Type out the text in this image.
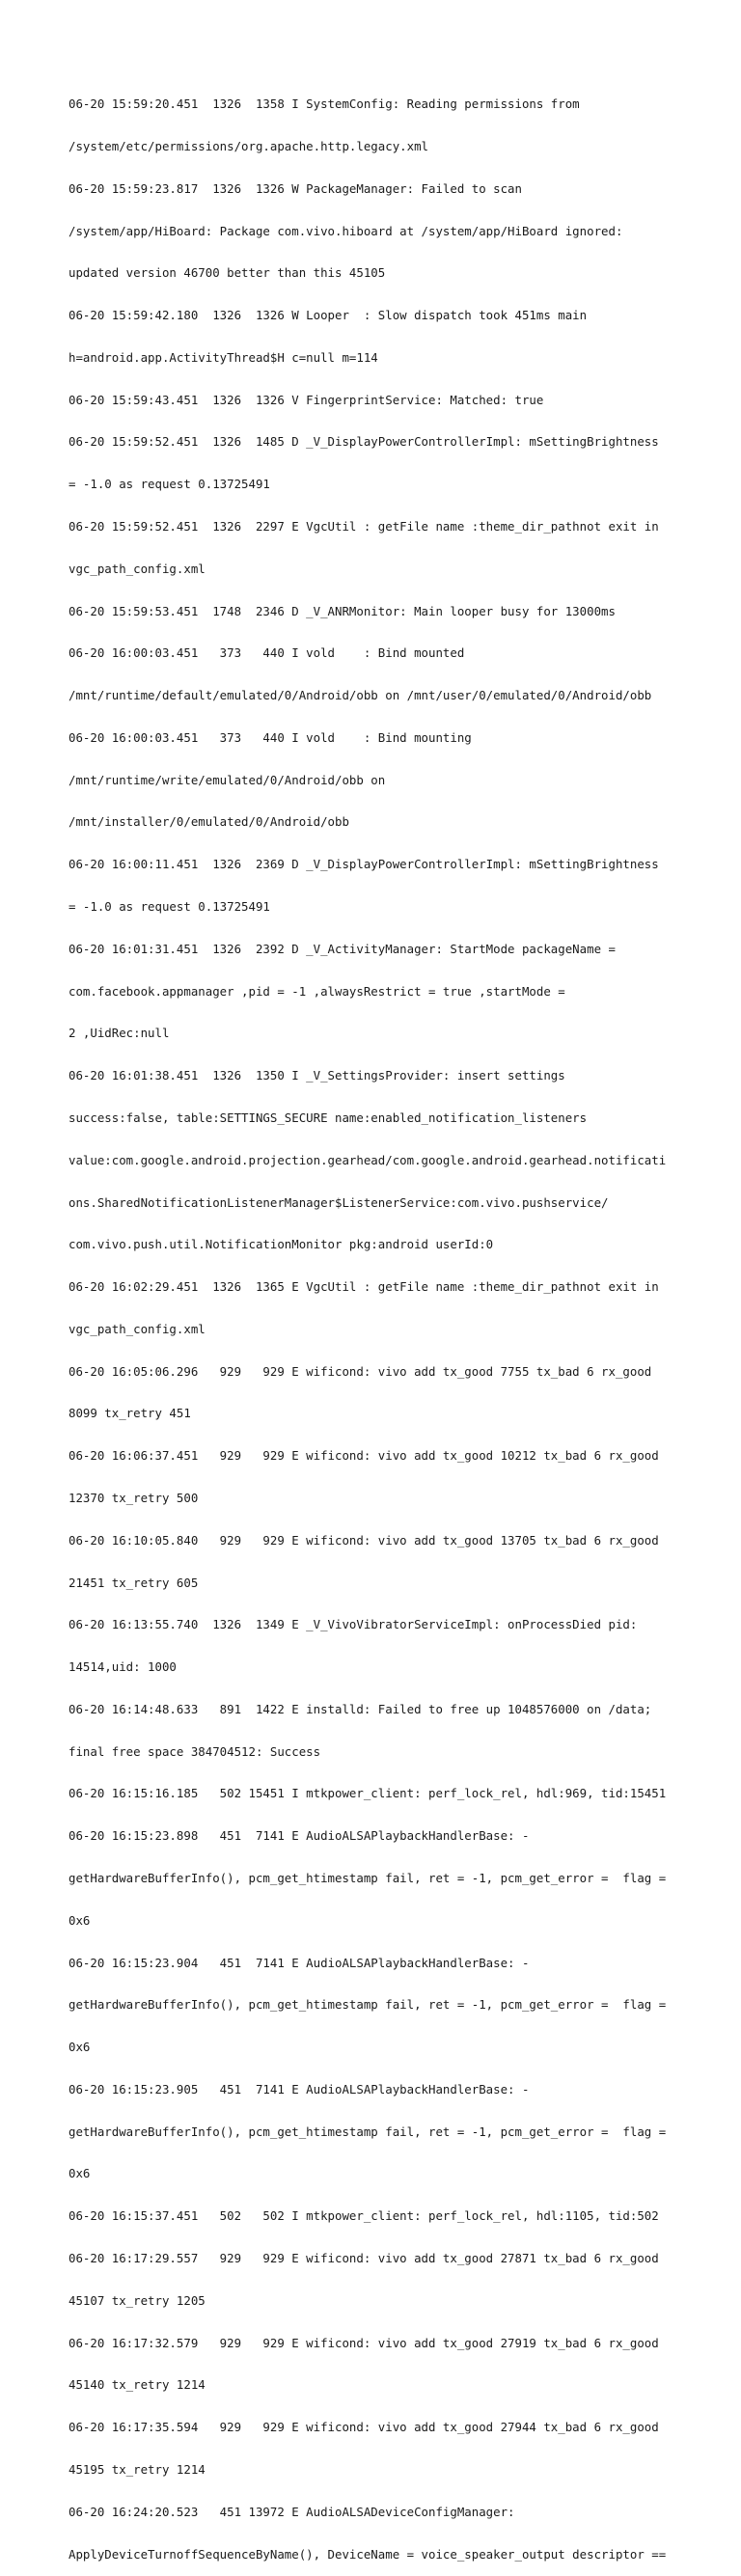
06-20 15:59:20.451  1326  1358 I SystemConfig: Reading permissions from

/system/etc/permissions/org.apache.http.legacy.xml

06-20 15:59:23.817  1326  1326 W PackageManager: Failed to scan

/system/app/HiBoard: Package com.vivo.hiboard at /system/app/HiBoard ignored:

updated version 46700 better than this 45105

06-20 15:59:42.180  1326  1326 W Looper  : Slow dispatch took 451ms main

h=android.app.ActivityThread$H c=null m=114

06-20 15:59:43.451  1326  1326 V FingerprintService: Matched: true

06-20 15:59:52.451  1326  1485 D _V_DisplayPowerControllerImpl: mSettingBrightness

= -1.0 as request 0.13725491

06-20 15:59:52.451  1326  2297 E VgcUtil : getFile name :theme_dir_pathnot exit in

vgc_path_config.xml

06-20 15:59:53.451  1748  2346 D _V_ANRMonitor: Main looper busy for 13000ms

06-20 16:00:03.451   373   440 I vold    : Bind mounted

/mnt/runtime/default/emulated/0/Android/obb on /mnt/user/0/emulated/0/Android/obb

06-20 16:00:03.451   373   440 I vold    : Bind mounting

/mnt/runtime/write/emulated/0/Android/obb on

/mnt/installer/0/emulated/0/Android/obb

06-20 16:00:11.451  1326  2369 D _V_DisplayPowerControllerImpl: mSettingBrightness

= -1.0 as request 0.13725491

06-20 16:01:31.451  1326  2392 D _V_ActivityManager: StartMode packageName =

com.facebook.appmanager ,pid = -1 ,alwaysRestrict = true ,startMode =

2 ,UidRec:null

06-20 16:01:38.451  1326  1350 I _V_SettingsProvider: insert settings

success:false, table:SETTINGS_SECURE name:enabled_notification_listeners

value:com.google.android.projection.gearhead/com.google.android.gearhead.notificati

ons.SharedNotificationListenerManager$ListenerService:com.vivo.pushservice/

com.vivo.push.util.NotificationMonitor pkg:android userId:0

06-20 16:02:29.451  1326  1365 E VgcUtil : getFile name :theme_dir_pathnot exit in

vgc_path_config.xml

06-20 16:05:06.296   929   929 E wificond: vivo add tx_good 7755 tx_bad 6 rx_good

8099 tx_retry 451

06-20 16:06:37.451   929   929 E wificond: vivo add tx_good 10212 tx_bad 6 rx_good

12370 tx_retry 500

06-20 16:10:05.840   929   929 E wificond: vivo add tx_good 13705 tx_bad 6 rx_good

21451 tx_retry 605

06-20 16:13:55.740  1326  1349 E _V_VivoVibratorServiceImpl: onProcessDied pid:

14514,uid: 1000

06-20 16:14:48.633   891  1422 E installd: Failed to free up 1048576000 on /data;

final free space 384704512: Success

06-20 16:15:16.185   502 15451 I mtkpower_client: perf_lock_rel, hdl:969, tid:15451

06-20 16:15:23.898   451  7141 E AudioALSAPlaybackHandlerBase: -

getHardwareBufferInfo(), pcm_get_htimestamp fail, ret = -1, pcm_get_error =  flag =

0x6

06-20 16:15:23.904   451  7141 E AudioALSAPlaybackHandlerBase: -

getHardwareBufferInfo(), pcm_get_htimestamp fail, ret = -1, pcm_get_error =  flag =

0x6

06-20 16:15:23.905   451  7141 E AudioALSAPlaybackHandlerBase: -

getHardwareBufferInfo(), pcm_get_htimestamp fail, ret = -1, pcm_get_error =  flag =

0x6

06-20 16:15:37.451   502   502 I mtkpower_client: perf_lock_rel, hdl:1105, tid:502

06-20 16:17:29.557   929   929 E wificond: vivo add tx_good 27871 tx_bad 6 rx_good

45107 tx_retry 1205

06-20 16:17:32.579   929   929 E wificond: vivo add tx_good 27919 tx_bad 6 rx_good

45140 tx_retry 1214

06-20 16:17:35.594   929   929 E wificond: vivo add tx_good 27944 tx_bad 6 rx_good

45195 tx_retry 1214

06-20 16:24:20.523   451 13972 E AudioALSADeviceConfigManager:

ApplyDeviceTurnoffSequenceByName(), DeviceName = voice_speaker_output descriptor ==
